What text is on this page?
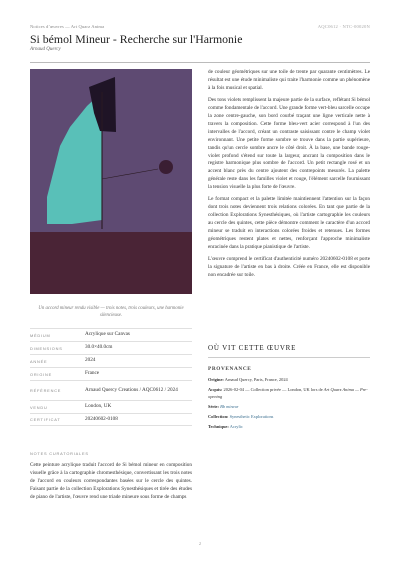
Notices d’œuvres — Art Quarz Anima	AQC0612 · NTC-00020N
Si bémol Mineur - Recherche sur l'Harmonie
Arnaud Quercy
Un accord mineur rendu visible — trois notes, trois couleurs, une harmonie silencieuse.
MÉDIUM	Acrylique sur Canvas
DIMENSIONS	30.0×40.0cm
ANNÉE	2024
ORIGINE	France
RÉFÉRENCE	Arnaud Quercy Creations / AQC0612 / 2024
VENDU	London, UK
CERTIFICAT	20240602-0108
NOTES CURATORIALES
Cette peinture acrylique traduit l'accord de Si bémol mineur en composition visuelle grâce à la cartographie chromesthésique, convertissant les trois notes de l'accord en couleurs correspondantes basées sur le cercle des quintes. Faisant partie de la collection Explorations Synesthésiques et tirée des études de piano de l'artiste, l'œuvre rend une triade mineure sous forme de champs

de couleur géométriques sur une toile de trente par quarante centimètres. Le résultat est une étude minimaliste qui traite l'harmonie comme un phénomène à la fois musical et spatial.

Des tons violets remplissent la majeure partie de la surface, reflétant Si bémol comme fondamentale de l'accord. Une grande forme vert-bleu sarcelle occupe la zone centre-gauche, son bord courbé traçant une ligne verticale nette à travers la composition. Cette forme bleu-vert acier correspond à l'un des intervalles de l'accord, créant un contraste saisissant contre le champ violet environnant. Une petite forme sombre se trouve dans la partie supérieure, tandis qu'un cercle sombre ancre le côté droit. À la base, une bande rouge-violet profond s'étend sur toute la largeur, ancrant la composition dans le registre harmonique plus sombre de l'accord. Un petit rectangle rosé et un accent blanc près du centre ajoutent des contrepoints mesurés. La palette générale reste dans les familles violet et rouge, l'élément sarcelle fournissant la tension visuelle la plus forte de l'œuvre.

Le format compact et la palette limitée maintiennent l'attention sur la façon dont trois notes deviennent trois relations colorées. En tant que partie de la collection Explorations Synesthésiques, où l'artiste cartographie les couleurs au cercle des quintes, cette pièce démontre comment le caractère d'un accord mineur se traduit en interactions colorées froides et retenues. Les formes géométriques restent plates et nettes, renforçant l'approche minimaliste enracinée dans la pratique pianistique de l'artiste.

L'œuvre comprend le certificat d'authenticité numéro 20240602-0108 et porte la signature de l'artiste en bas à droite. Créée en France, elle est disponible non encadrée sur toile.

OÙ VIT CETTE ŒUVRE
PROVENANCE
Origine: Arnaud Quercy, Paris, France, 2024
Acquis: 2026-02-04 — Collection privée — London, UK lors de Art Quarz Anima — Pre-opening
Série: Bb mineur
Collection: Synesthetic Explorations
Technique: Acrylic
2
